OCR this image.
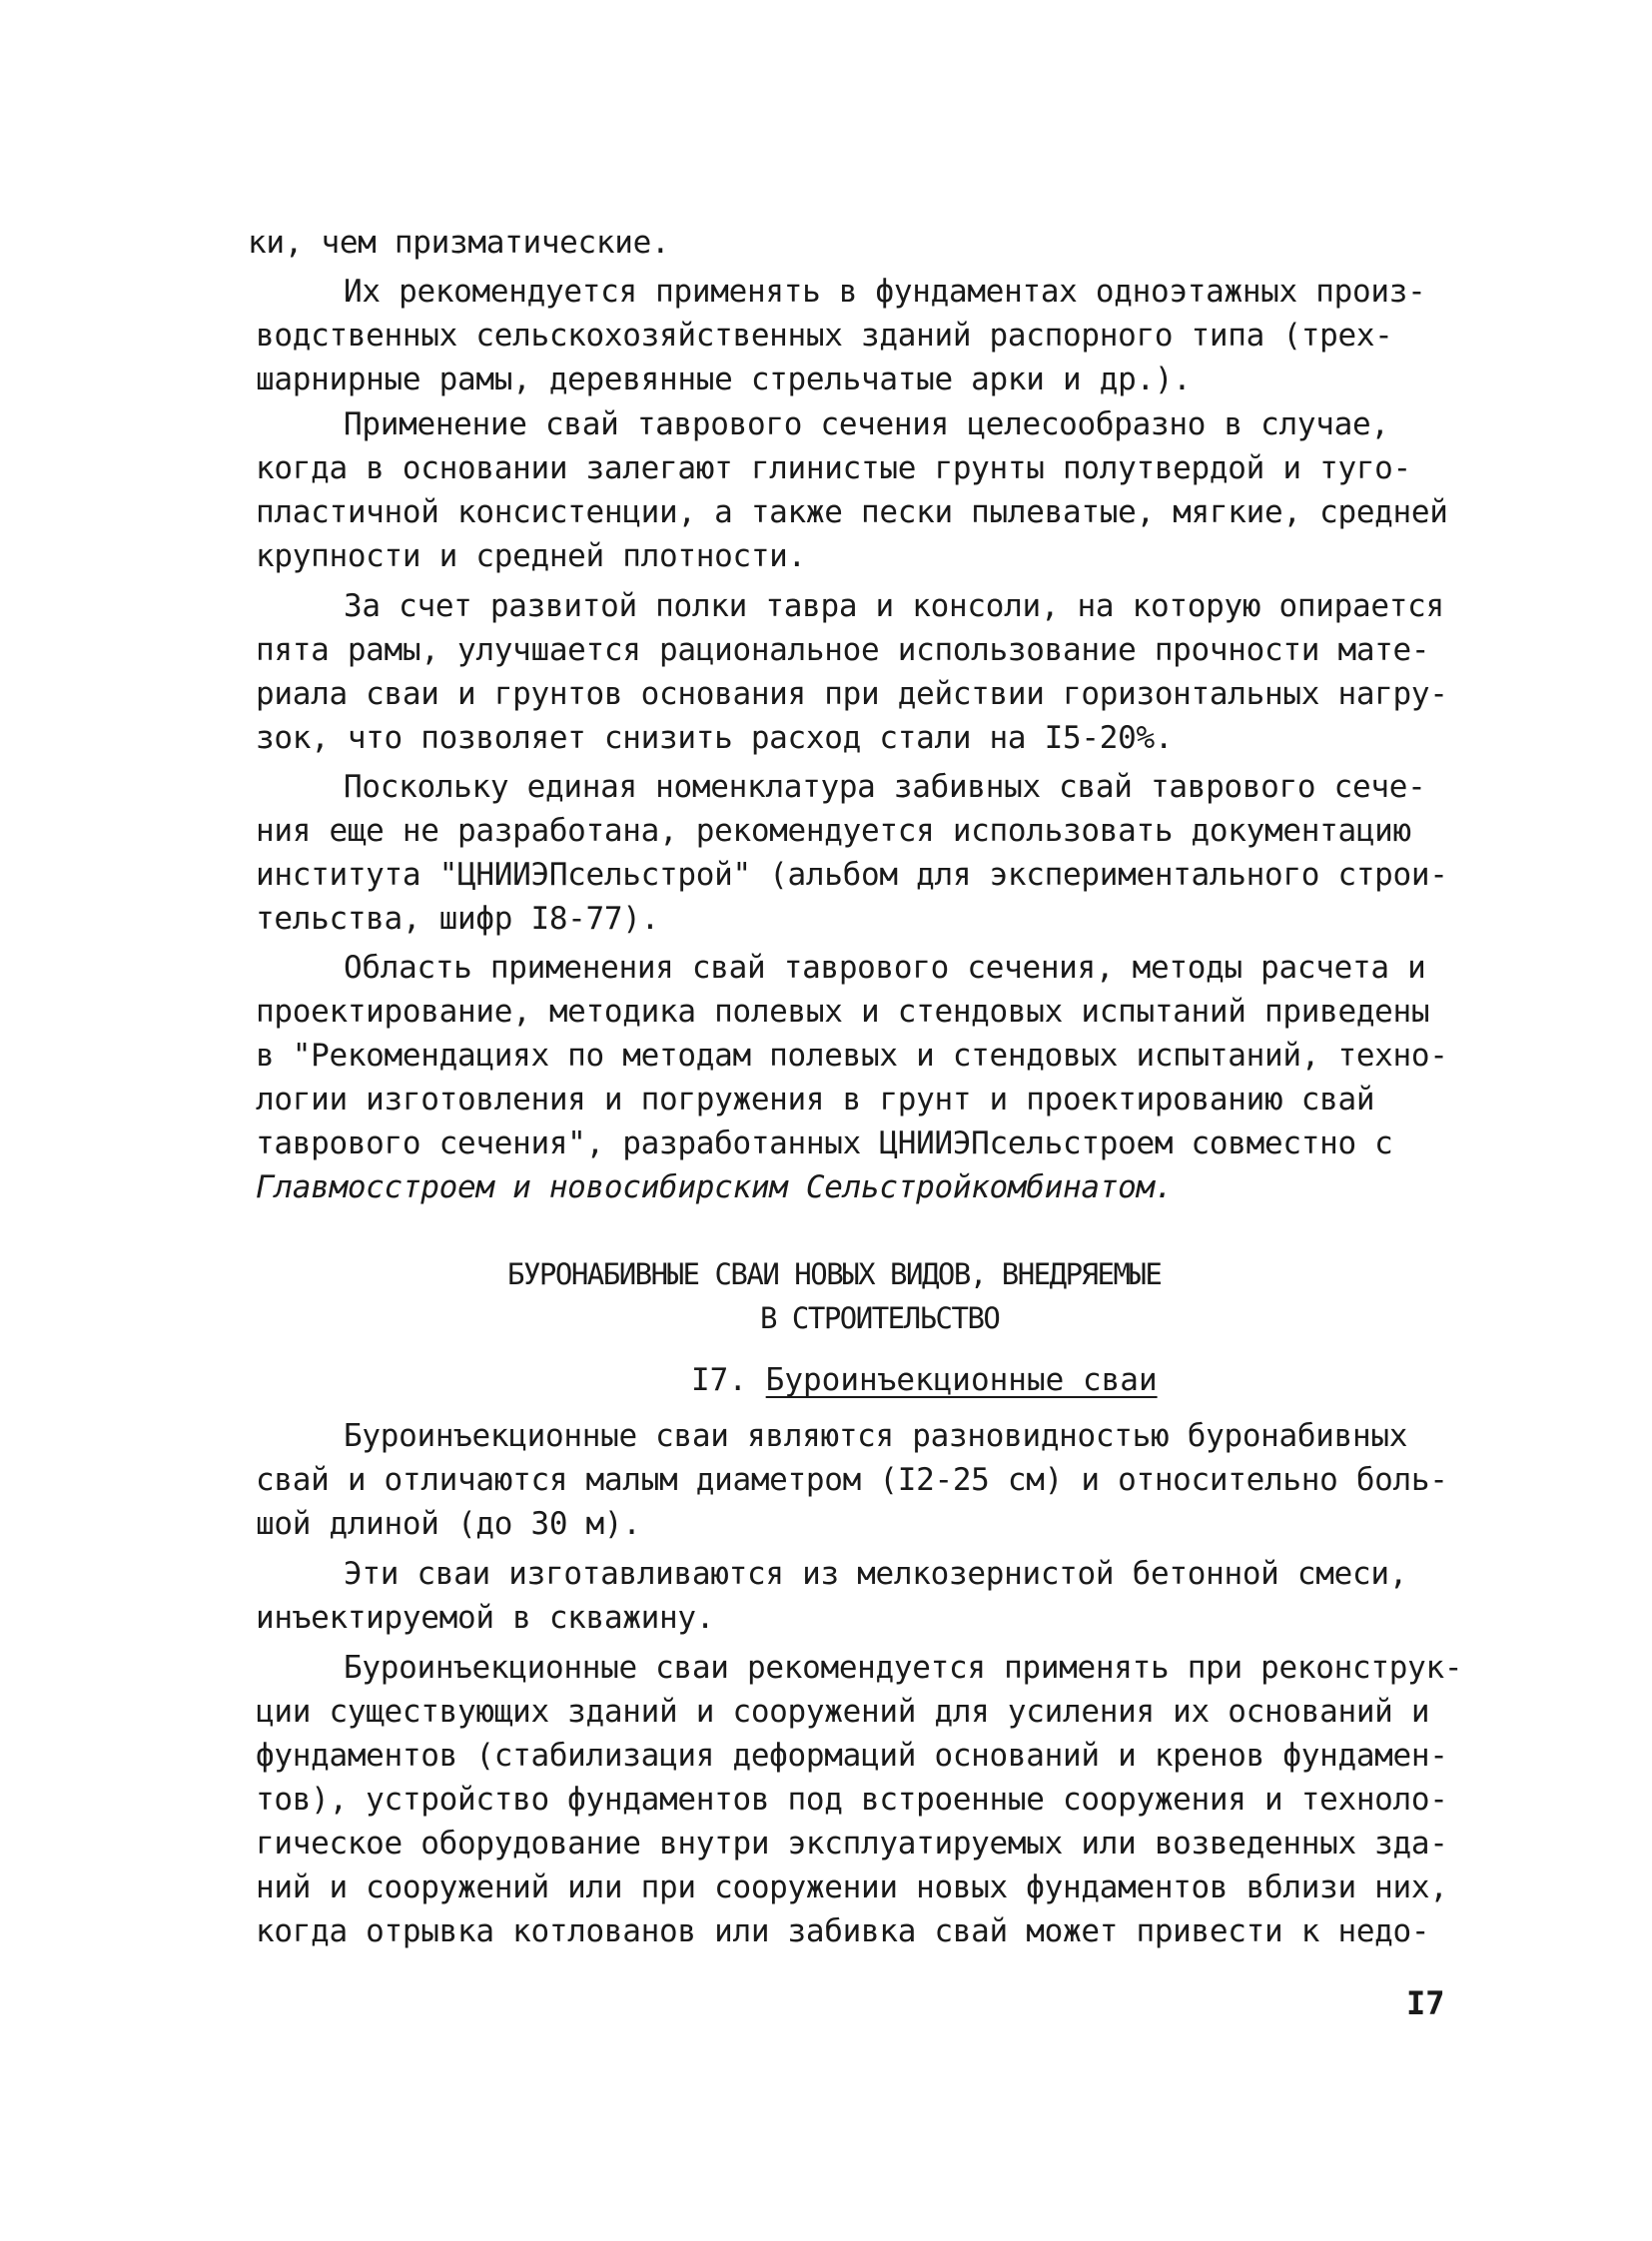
ки, чем призматические.
Их рекомендуется применять в фундаментах одноэтажных произ-
водственных сельскохозяйственных зданий распорного типа (трех-
шарнирные рамы, деревянные стрельчатые арки и др.).
Применение свай таврового сечения целесообразно в случае,
когда в основании залегают глинистые грунты полутвердой и туго-
пластичной консистенции, а также пески пылеватые, мягкие, средней
крупности и средней плотности.
За счет развитой полки тавра и консоли, на которую опирается
пята рамы, улучшается рациональное использование прочности мате-
риала сваи и грунтов основания при действии горизонтальных нагру-
зок, что позволяет снизить расход стали на I5-20%.
Поскольку единая номенклатура забивных свай таврового сече-
ния еще не разработана, рекомендуется использовать документацию
института "ЦНИИЭПсельстрой" (альбом для экспериментального строи-
тельства, шифр I8-77).
Область применения свай таврового сечения, методы расчета и
проектирование, методика полевых и стендовых испытаний приведены
в "Рекомендациях по методам полевых и стендовых испытаний, техно-
логии изготовления и погружения в грунт и проектированию свай
таврового сечения", разработанных ЦНИИЭПсельстроем совместно с
Главмосстроем и новосибирским Сельстройкомбинатом.
БУРОНАБИВНЫЕ СВАИ НОВЫХ ВИДОВ, ВНЕДРЯЕМЫЕ
В СТРОИТЕЛЬСТВО
I7. Буроинъекционные сваи
Буроинъекционные сваи являются разновидностью буронабивных
свай и отличаются малым диаметром (I2-25 см) и относительно боль-
шой длиной (до 30 м).
Эти сваи изготавливаются из мелкозернистой бетонной смеси,
инъектируемой в скважину.
Буроинъекционные сваи рекомендуется применять при реконструк-
ции существующих зданий и сооружений для усиления их оснований и
фундаментов (стабилизация деформаций оснований и кренов фундамен-
тов), устройство фундаментов под встроенные сооружения и техноло-
гическое оборудование внутри эксплуатируемых или возведенных зда-
ний и сооружений или при сооружении новых фундаментов вблизи них,
когда отрывка котлованов или забивка свай может привести к недо-
I7
